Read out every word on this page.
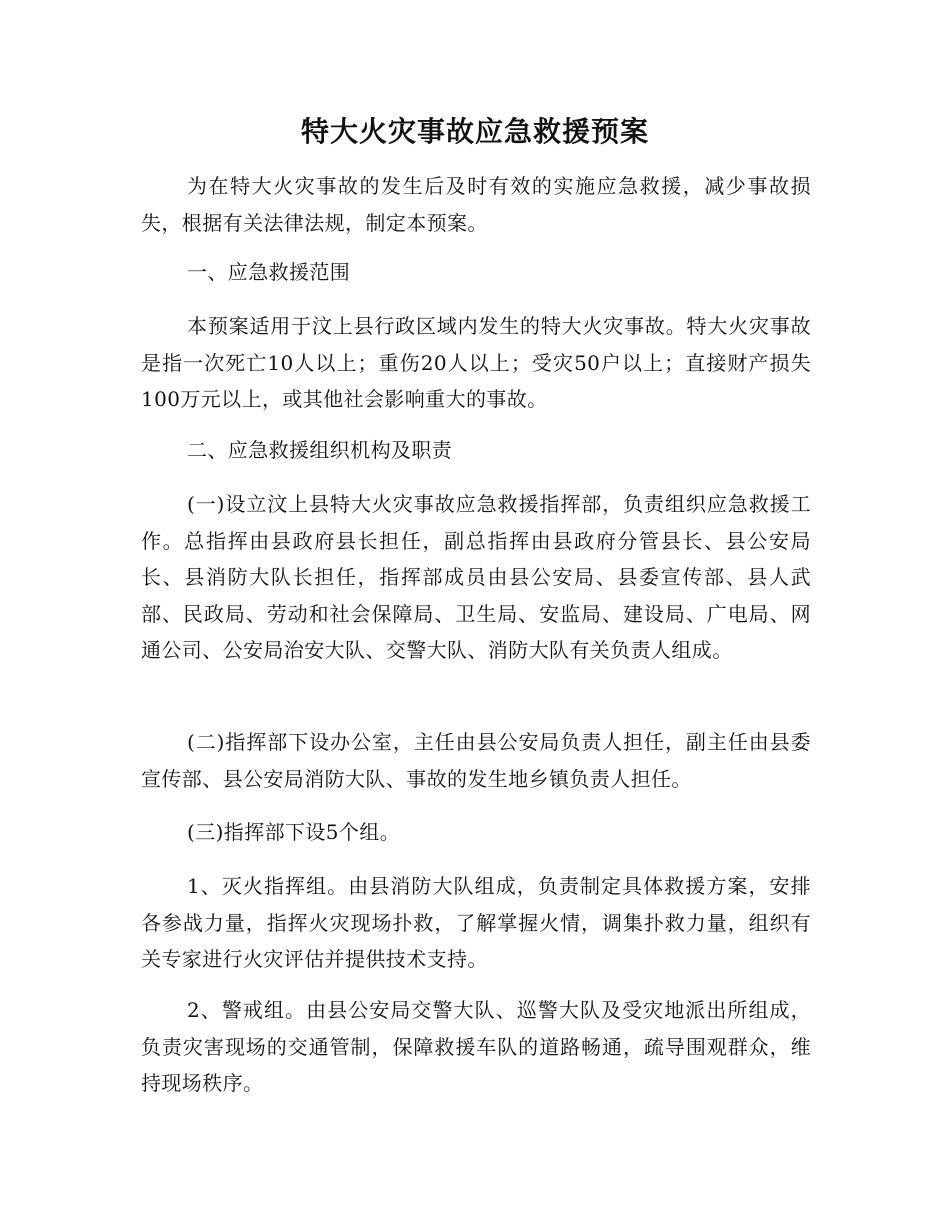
特大火灾事故应急救援预案

为在特大火灾事故的发生后及时有效的实施应急救援，减少事故损失，根据有关法律法规，制定本预案。

一、应急救援范围

本预案适用于汶上县行政区域内发生的特大火灾事故。特大火灾事故是指一次死亡10人以上；重伤20人以上；受灾50户以上；直接财产损失100万元以上，或其他社会影响重大的事故。

二、应急救援组织机构及职责

(一)设立汶上县特大火灾事故应急救援指挥部，负责组织应急救援工作。总指挥由县政府县长担任，副总指挥由县政府分管县长、县公安局长、县消防大队长担任，指挥部成员由县公安局、县委宣传部、县人武部、民政局、劳动和社会保障局、卫生局、安监局、建设局、广电局、网通公司、公安局治安大队、交警大队、消防大队有关负责人组成。

(二)指挥部下设办公室，主任由县公安局负责人担任，副主任由县委宣传部、县公安局消防大队、事故的发生地乡镇负责人担任。

(三)指挥部下设5个组。

1、灭火指挥组。由县消防大队组成，负责制定具体救援方案，安排各参战力量，指挥火灾现场扑救，了解掌握火情，调集扑救力量，组织有关专家进行火灾评估并提供技术支持。

2、警戒组。由县公安局交警大队、巡警大队及受灾地派出所组成，负责灾害现场的交通管制，保障救援车队的道路畅通，疏导围观群众，维持现场秩序。
